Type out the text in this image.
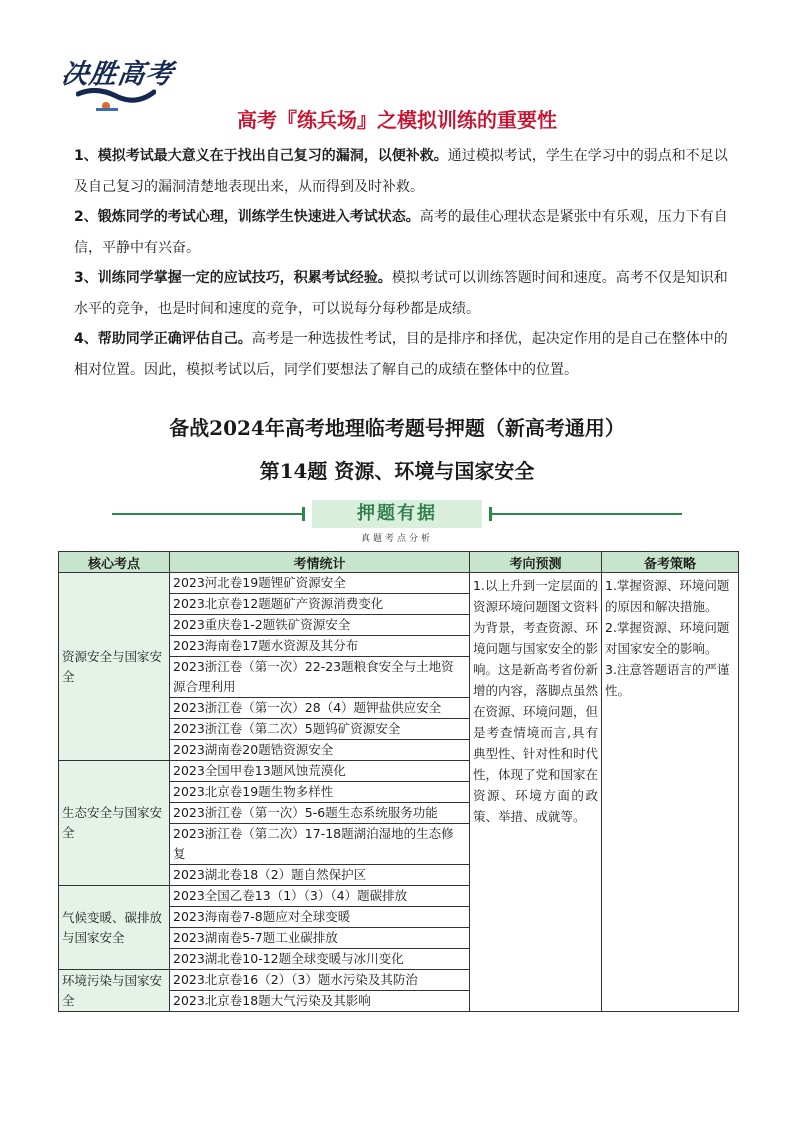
决胜高考
高考『练兵场』之模拟训练的重要性

1、模拟考试最大意义在于找出自己复习的漏洞，以便补救。通过模拟考试，学生在学习中的弱点和不足以及自己复习的漏洞清楚地表现出来，从而得到及时补救。

2、锻炼同学的考试心理，训练学生快速进入考试状态。高考的最佳心理状态是紧张中有乐观，压力下有自信，平静中有兴奋。

3、训练同学掌握一定的应试技巧，积累考试经验。模拟考试可以训练答题时间和速度。高考不仅是知识和水平的竞争，也是时间和速度的竞争，可以说每分每秒都是成绩。

4、帮助同学正确评估自己。高考是一种选拔性考试，目的是排序和择优，起决定作用的是自己在整体中的相对位置。因此，模拟考试以后，同学们要想法了解自己的成绩在整体中的位置。

备战2024年高考地理临考题号押题（新高考通用）
第14题 资源、环境与国家安全
押题有据
真题考点分析
核心考点	考情统计	考向预测	备考策略
资源安全与国家安全	2023河北卷19题锂矿资源安全	1.以上升到一定层面的资源环境问题图文资料为背景，考查资源、环境问题与国家安全的影响。这是新高考省份新增的内容，落脚点虽然在资源、环境问题，但是考查情境而言,具有典型性、针对性和时代性，体现了党和国家在资源、环境方面的政策、举措、成就等。	1.掌握资源、环境问题的原因和解决措施。
2.掌握资源、环境问题对国家安全的影响。
3.注意答题语言的严谨性。

	2023北京卷12题题矿产资源消费变化		
	2023重庆卷1-2题铁矿资源安全		
	2023海南卷17题水资源及其分布		
	2023浙江卷（第一次）22-23题粮食安全与土地资源合理利用		
	2023浙江卷（第一次）28（4）题钾盐供应安全		
	2023浙江卷（第二次）5题钨矿资源安全		
	2023湖南卷20题锆资源安全		
生态安全与国家安全	2023全国甲卷13题风蚀荒漠化		
	2023北京卷19题生物多样性		
	2023浙江卷（第一次）5-6题生态系统服务功能		
	2023浙江卷（第二次）17-18题湖泊湿地的生态修复		
	2023湖北卷18（2）题自然保护区		
气候变暖、碳排放与国家安全	2023全国乙卷13（1）（3）（4）题碳排放		
	2023海南卷7-8题应对全球变暖		
	2023湖南卷5-7题工业碳排放		
	2023湖北卷10-12题全球变暖与冰川变化		
环境污染与国家安全	2023北京卷16（2）（3）题水污染及其防治		
	2023北京卷18题大气污染及其影响		
